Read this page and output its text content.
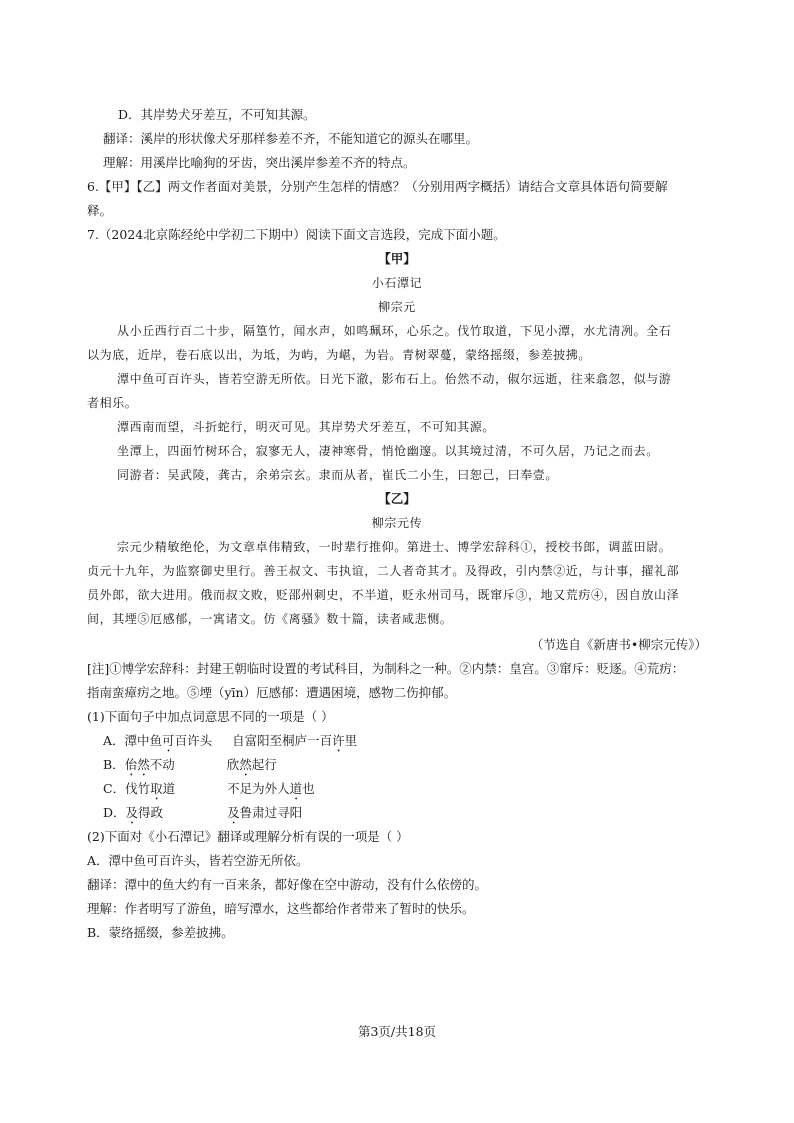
D．其岸势犬牙差互，不可知其源。
翻译：溪岸的形状像犬牙那样参差不齐，不能知道它的源头在哪里。
理解：用溪岸比喻狗的牙齿，突出溪岸参差不齐的特点。
6.【甲】【乙】两文作者面对美景，分别产生怎样的情感？（分别用两字概括）请结合文章具体语句简要解
释。
7.（2024北京陈经纶中学初二下期中）阅读下面文言选段，完成下面小题。
【甲】
小石潭记
柳宗元
从小丘西行百二十步，隔篁竹，闻水声，如鸣珮环，心乐之。伐竹取道，下见小潭，水尤清冽。全石
以为底，近岸，卷石底以出，为坻，为屿，为嵁，为岩。青树翠蔓，蒙络摇缀，参差披拂。
潭中鱼可百许头，皆若空游无所依。日光下澈，影布石上。佁然不动，俶尔远逝，往来翕忽，似与游
者相乐。
潭西南而望，斗折蛇行，明灭可见。其岸势犬牙差互，不可知其源。
坐潭上，四面竹树环合，寂寥无人，凄神寒骨，悄怆幽邃。以其境过清，不可久居，乃记之而去。
同游者：吴武陵，龚古，余弟宗玄。隶而从者，崔氏二小生，曰恕己，曰奉壹。
【乙】
柳宗元传
宗元少精敏绝伦，为文章卓伟精致，一时辈行推仰。第进士、博学宏辞科①，授校书郎，调蓝田尉。
贞元十九年，为监察御史里行。善王叔文、韦执谊，二人者奇其才。及得政，引内禁②近，与计事，擢礼部
员外郎，欲大进用。俄而叔文败，贬邵州刺史，不半道，贬永州司马，既窜斥③，地又荒疠④，因自放山泽
间，其堙⑤厄感郁，一寓诸文。仿《离骚》数十篇，读者咸悲恻。
（节选自《新唐书•柳宗元传》）
[注]①博学宏辞科：封建王朝临时设置的考试科目，为制科之一种。②内禁：皇宫。③窜斥：贬逐。④荒疠：
指南蛮瘴疠之地。⑤堙（yīn）厄感郁：遭遇困境，感物二伤抑郁。
(1)下面句子中加点词意思不同的一项是（ ）
A．潭中鱼可百许头 自富阳至桐庐一百许里
B．佁然不动	欣然起行
C．伐竹取道	不足为外人道也
D．及得政	及鲁肃过寻阳
(2)下面对《小石潭记》翻译或理解分析有误的一项是（ ）
A．潭中鱼可百许头，皆若空游无所依。
翻译：潭中的鱼大约有一百来条，都好像在空中游动，没有什么依傍的。
理解：作者明写了游鱼，暗写潭水，这些都给作者带来了暂时的快乐。
B．蒙络摇缀，参差披拂。
第3页/共18页
